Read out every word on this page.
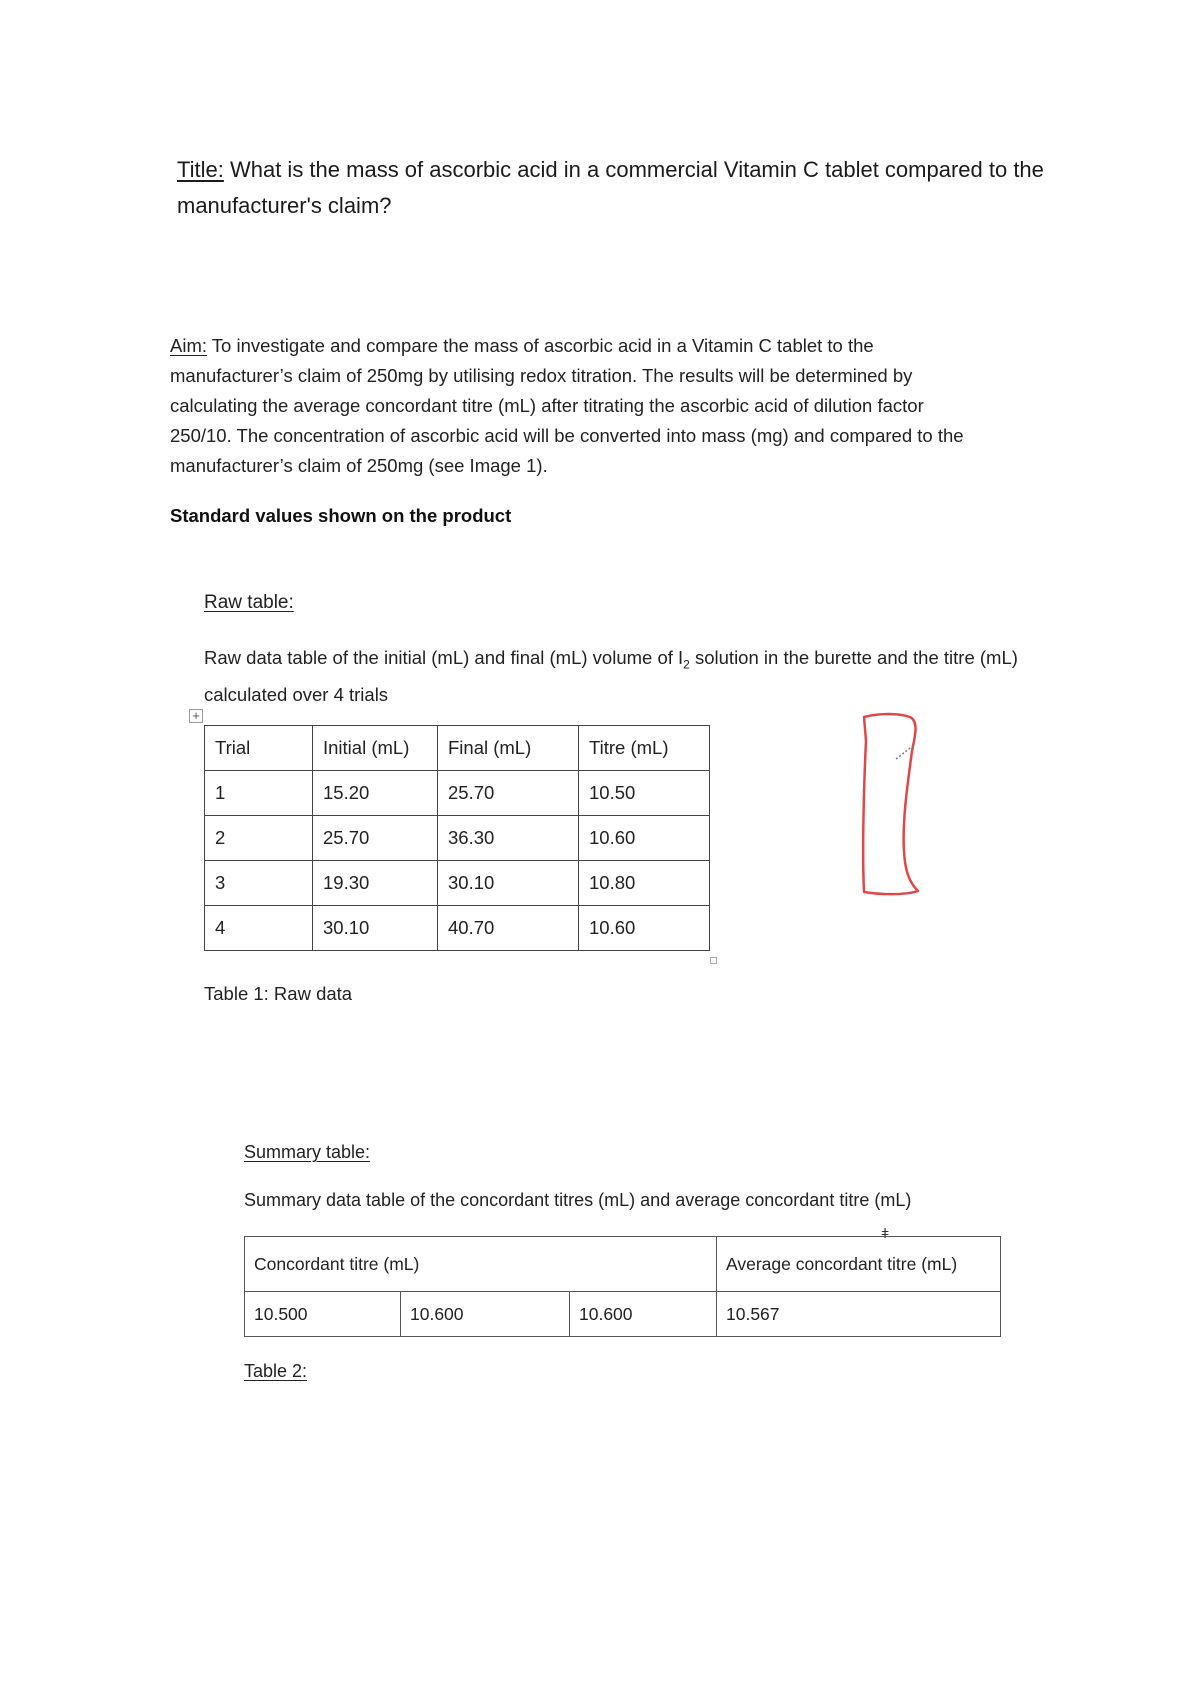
Title: What is the mass of ascorbic acid in a commercial Vitamin C tablet compared to the manufacturer's claim?
Aim: To investigate and compare the mass of ascorbic acid in a Vitamin C tablet to the manufacturer’s claim of 250mg by utilising redox titration. The results will be determined by calculating the average concordant titre (mL) after titrating the ascorbic acid of dilution factor 250/10. The concentration of ascorbic acid will be converted into mass (mg) and compared to the manufacturer’s claim of 250mg (see Image 1).
Standard values shown on the product
Raw table:
Raw data table of the initial (mL) and final (mL) volume of $I_2$ solution in the burette and the titre (mL) calculated over 4 trials
+
Trial	Initial (mL)	Final (mL)	Titre (mL)
1	15.20	25.70	10.50
2	25.70	36.30	10.60
3	19.30	30.10	10.80
4	30.10	40.70	10.60
Table 1: Raw data
Summary table:
Summary data table of the concordant titres (mL) and average concordant titre (mL)
ǂ
Concordant titre (mL)			Average concordant titre (mL)
10.500	10.600	10.600	10.567
Table 2:
